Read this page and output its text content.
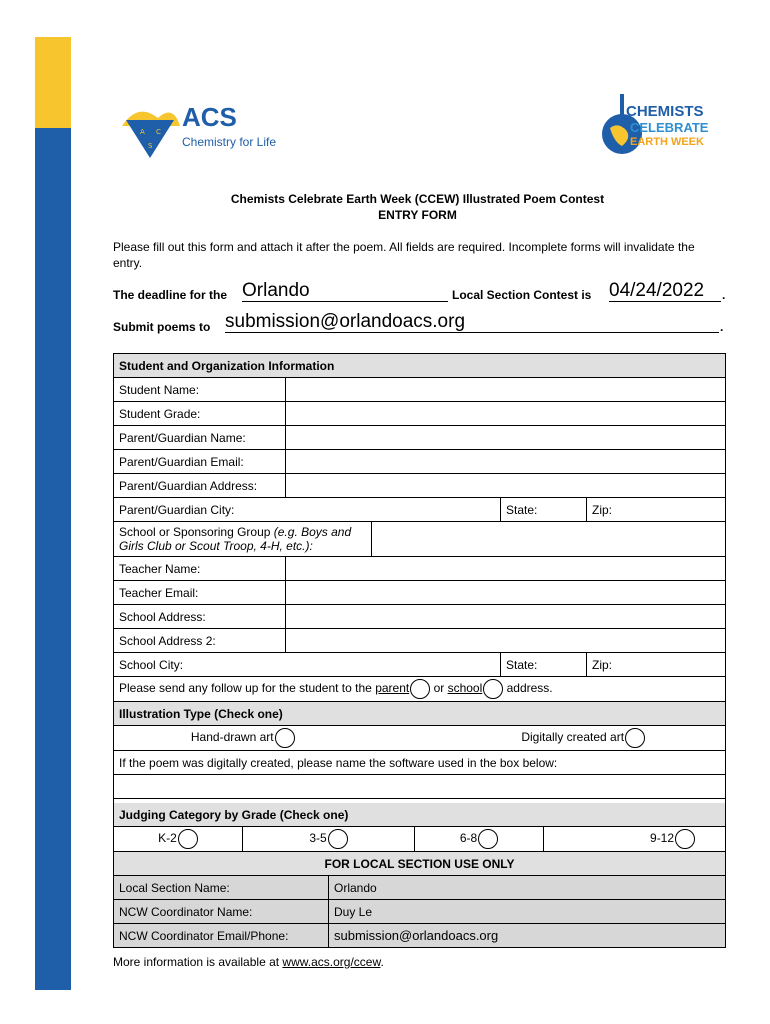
A C
S
ACS
Chemistry for Life
CHEMISTS
CELEBRATE
EARTH WEEK
Chemists Celebrate Earth Week (CCEW) Illustrated Poem Contest
ENTRY FORM
Please fill out this form and attach it after the poem. All fields are required. Incomplete forms will invalidate the entry.
The deadline for the Orlando	Local Section Contest is 04/24/2022	.
Submit poems to submission@orlandoacs.org	.
Student and Organization Information								
Student Name:								
Student Grade:								
Parent/Guardian Name:								
Parent/Guardian Email:								
Parent/Guardian Address:								
Parent/Guardian City:						State:		Zip:
School or Sponsoring Group (e.g. Boys and Girls Club or Scout Troop, 4-H, etc.):								
Teacher Name:								
Teacher Email:								
School Address:								
School Address 2:								
School City:						State:		Zip:
Please send any follow up for the student to the parent or school address.								
Illustration Type (Check one)								
Hand-drawn art				Digitally created art				
If the poem was digitally created, please name the software used in the box below:								

Judging Category by Grade (Check one)								
K-2	3-5				6-8		9-12	
FOR LOCAL SECTION USE ONLY								
Local Section Name:			Orlando					
NCW Coordinator Name:			Duy Le					
NCW Coordinator Email/Phone:			submission@orlandoacs.org					
More information is available at www.acs.org/ccew.
